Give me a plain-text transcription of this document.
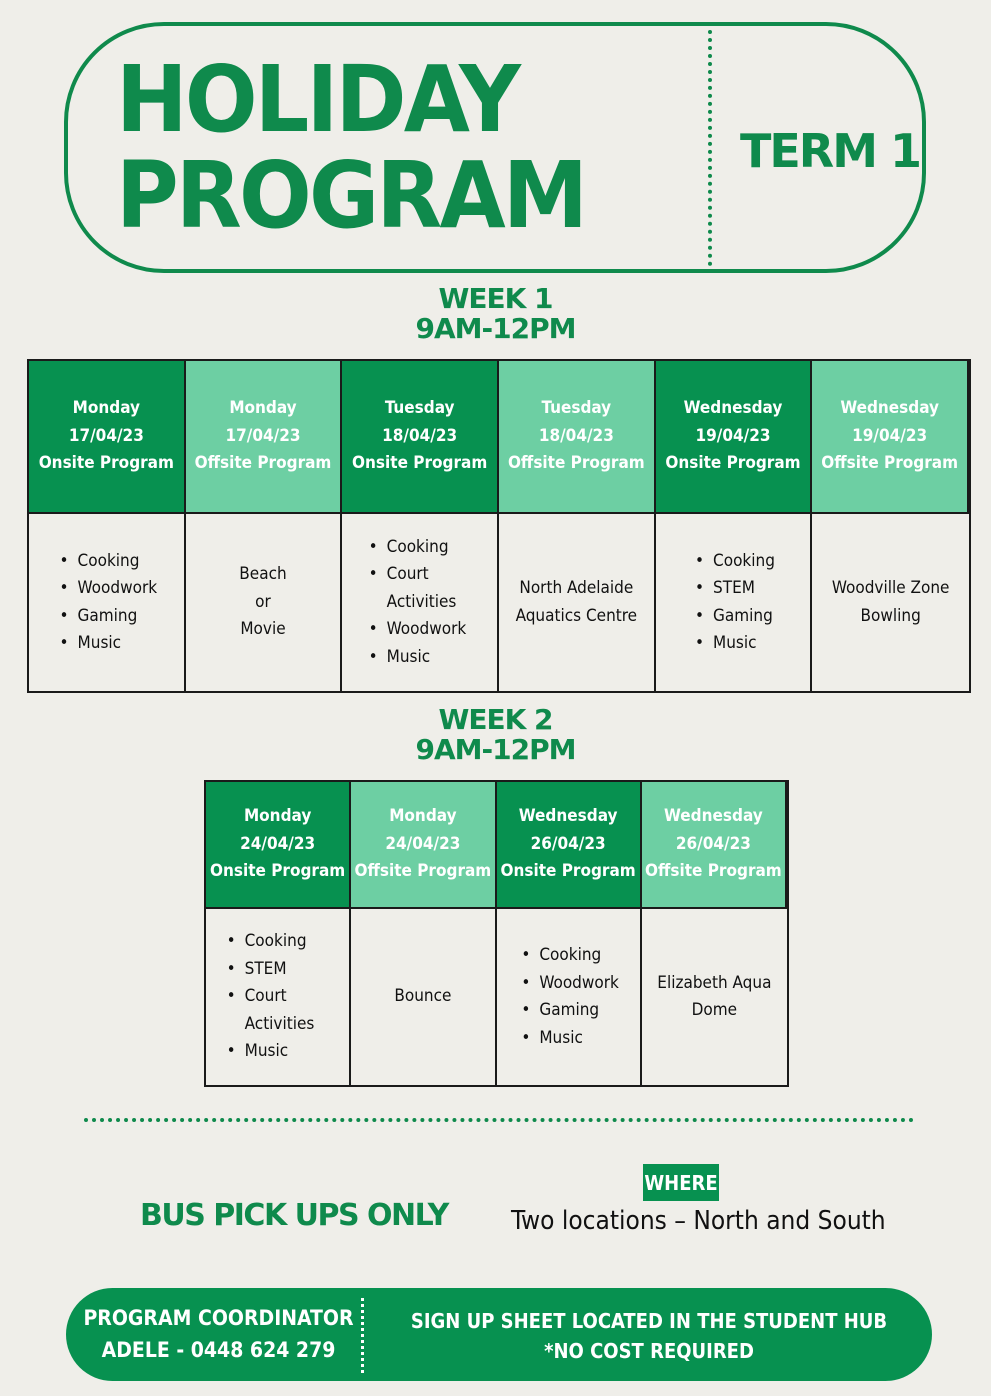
HOLIDAY
PROGRAM	TERM 1
WEEK 1
9AM-12PM
Monday
17/04/23
Onsite Program
Monday
17/04/23
Offsite Program
Tuesday
18/04/23
Onsite Program
Tuesday
18/04/23
Offsite Program
Wednesday
19/04/23
Onsite Program
Wednesday
19/04/23
Offsite Program
• Cooking
• Woodwork
• Gaming
• Music
Beach
or
Movie
• Cooking
• Court Activities
• Woodwork
• Music
North Adelaide
Aquatics Centre
• Cooking
• STEM
• Gaming
• Music
Woodville Zone
Bowling
WEEK 2
9AM-12PM
Monday
24/04/23
Onsite Program
Monday
24/04/23
Offsite Program
Wednesday
26/04/23
Onsite Program
Wednesday
26/04/23
Offsite Program
• Cooking
• STEM
• Court Activities
• Music
Bounce
• Cooking
• Woodwork
• Gaming
• Music
Elizabeth Aqua
Dome
BUS PICK UPS ONLY
WHERE
Two locations – North and South
PROGRAM COORDINATOR
ADELE - 0448 624 279
SIGN UP SHEET LOCATED IN THE STUDENT HUB
*NO COST REQUIRED
